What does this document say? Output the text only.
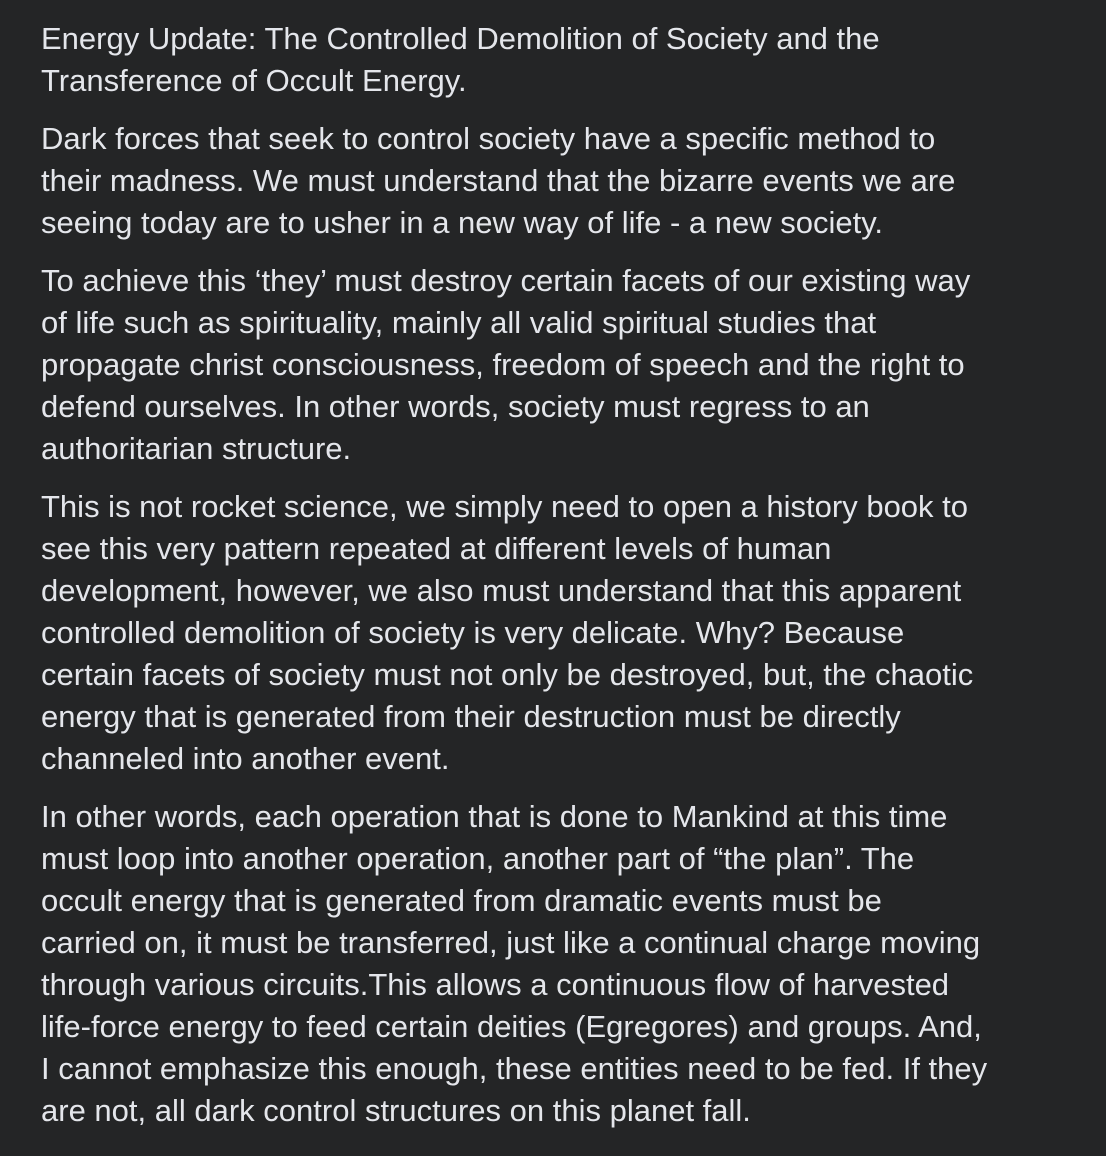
Energy Update: The Controlled Demolition of Society and the
Transference of Occult Energy.

Dark forces that seek to control society have a specific method to
their madness. We must understand that the bizarre events we are
seeing today are to usher in a new way of life - a new society.

To achieve this ‘they’ must destroy certain facets of our existing way
of life such as spirituality, mainly all valid spiritual studies that
propagate christ consciousness, freedom of speech and the right to
defend ourselves. In other words, society must regress to an
authoritarian structure.

This is not rocket science, we simply need to open a history book to
see this very pattern repeated at different levels of human
development, however, we also must understand that this apparent
controlled demolition of society is very delicate. Why? Because
certain facets of society must not only be destroyed, but, the chaotic
energy that is generated from their destruction must be directly
channeled into another event.

In other words, each operation that is done to Mankind at this time
must loop into another operation, another part of “the plan”. The
occult energy that is generated from dramatic events must be
carried on, it must be transferred, just like a continual charge moving
through various circuits.This allows a continuous flow of harvested
life-force energy to feed certain deities (Egregores) and groups. And,
I cannot emphasize this enough, these entities need to be fed. If they
are not, all dark control structures on this planet fall.
